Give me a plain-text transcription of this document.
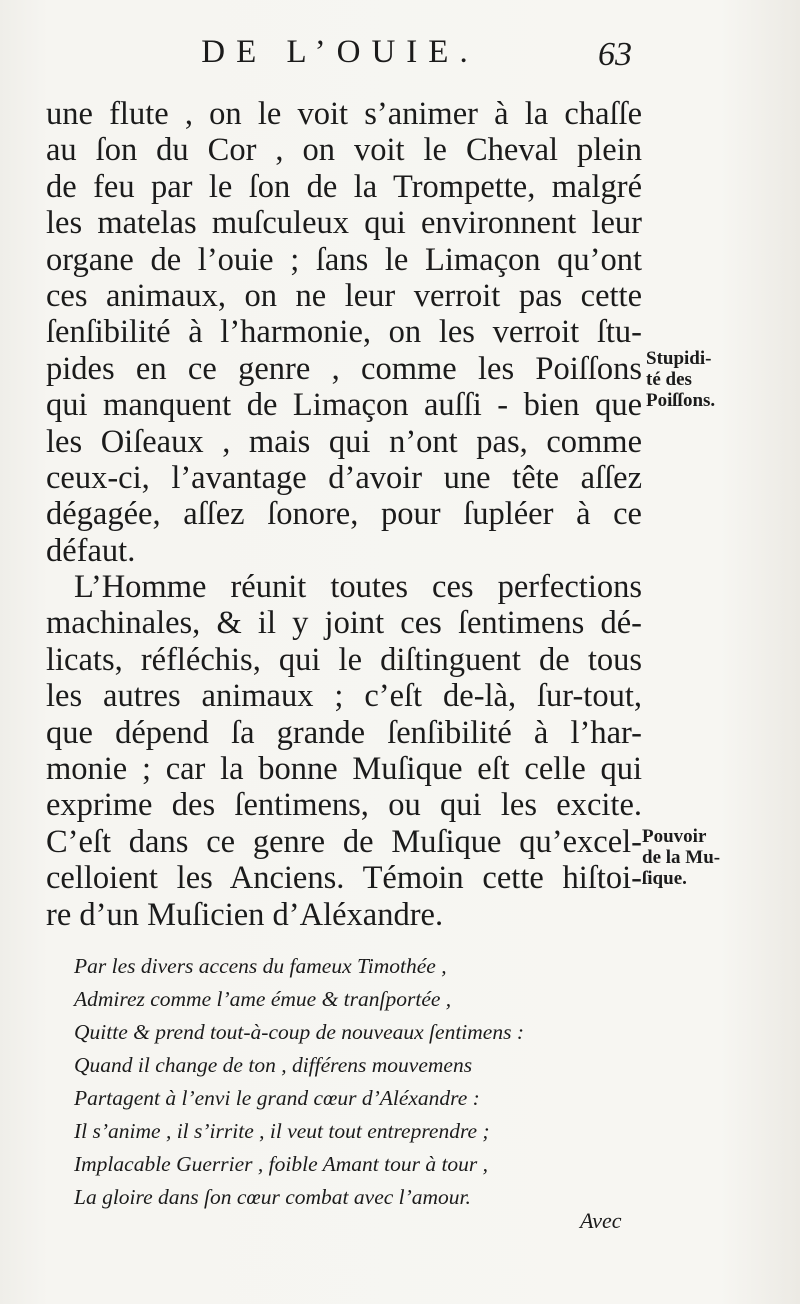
DE L’OUIE.	63
une flute , on le voit s’animer à la chaſſe
au ſon du Cor , on voit le Cheval plein
de feu par le ſon de la Trompette, malgré
les matelas muſculeux qui environnent leur
organe de l’ouie ; ſans le Limaçon qu’ont
ces animaux, on ne leur verroit pas cette
ſenſibilité à l’harmonie, on les verroit ſtu-
pides en ce genre , comme les Poiſſons
qui manquent de Limaçon auſſi - bien que
les Oiſeaux , mais qui n’ont pas, comme
ceux-ci, l’avantage d’avoir une tête aſſez
dégagée, aſſez ſonore, pour ſupléer à ce
défaut.
L’Homme réunit toutes ces perfections
machinales, & il y joint ces ſentimens dé-
licats, réfléchis, qui le diſtinguent de tous
les autres animaux ; c’eſt de-là, ſur-tout,
que dépend ſa grande ſenſibilité à l’har-
monie ; car la bonne Muſique eſt celle qui
exprime des ſentimens, ou qui les excite.
C’eſt dans ce genre de Muſique qu’excel-
celloient les Anciens. Témoin cette hiſtoi-
re d’un Muſicien d’Aléxandre.
Stupidi-
té des
Poiſſons.
Pouvoir
de la Mu-
ſique.
Par les divers accens du fameux Timothée ,
Admirez comme l’ame émue & tranſportée ,
Quitte & prend tout-à-coup de nouveaux ſentimens :
Quand il change de ton , différens mouvemens
Partagent à l’envi le grand cœur d’Aléxandre :
Il s’anime , il s’irrite , il veut tout entreprendre ;
Implacable Guerrier , foible Amant tour à tour ,
La gloire dans ſon cœur combat avec l’amour.
Avec
